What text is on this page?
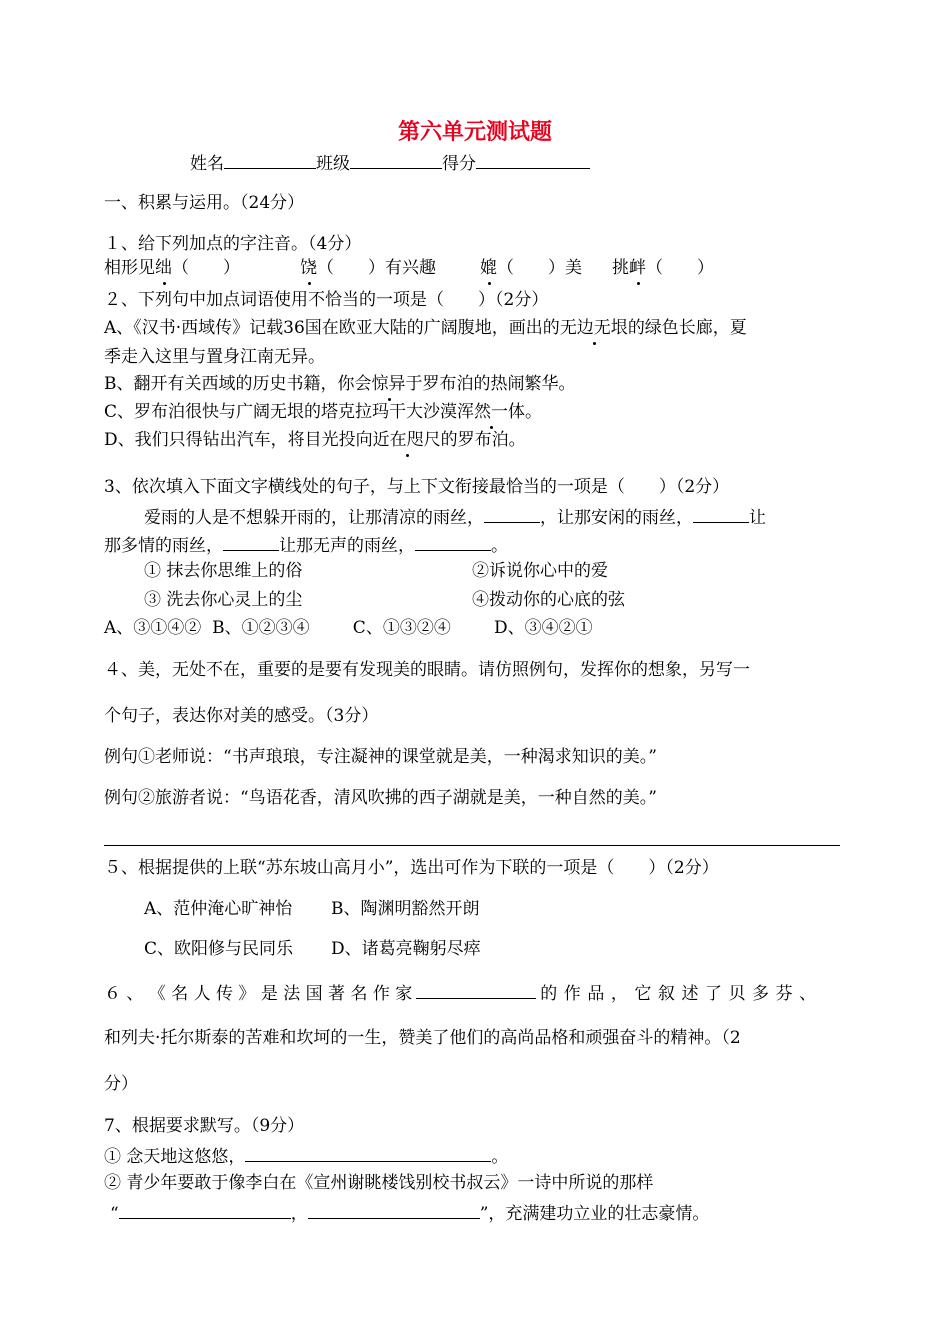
第六单元测试题
姓名	班级	得分
一、积累与运用。（24分）
１、给下列加点的字注音。（4分）
相形见绌（　　）	饶（　　）有兴趣	媲（　　）美 挑衅（　　）
２、下列句中加点词语使用不恰当的一项是（　　）（2分）
A、《汉书·西域传》记载36国在欧亚大陆的广阔腹地，画出的无边无垠的绿色长廊，夏
季走入这里与置身江南无异。
B、翻开有关西域的历史书籍，你会惊异于罗布泊的热闹繁华。
C、罗布泊很快与广阔无垠的塔克拉玛干大沙漠浑然一体。
D、我们只得钻出汽车，将目光投向近在咫尺的罗布泊。
3、依次填入下面文字横线处的句子，与上下文衔接最恰当的一项是（　　）（2分）
爱雨的人是不想躲开雨的，让那清凉的雨丝，	，让那安闲的雨丝，	让
那多情的雨丝，	让那无声的雨丝，	。
① 抹去你思维上的俗	②诉说你心中的爱
③ 洗去你心灵上的尘	④拨动你的心底的弦
A、③①④②  B、①②③④        C、①③②④        D、③④②①
４、美，无处不在，重要的是要有发现美的眼睛。请仿照例句，发挥你的想象，另写一
个句子，表达你对美的感受。（3分）
例句①老师说：“书声琅琅，专注凝神的课堂就是美，一种渴求知识的美。”
例句②旅游者说：“鸟语花香，清风吹拂的西子湖就是美，一种自然的美。”
５、根据提供的上联“苏东坡山高月小”，选出可作为下联的一项是（　　）（2分）
A、范仲淹心旷神怡 B、陶渊明豁然开朗
C、欧阳修与民同乐 D、诸葛亮鞠躬尽瘁
６ 、 《 名 人 传 》 是 法 国 著 名 作 家	的 作 品 ， 它 叙 述 了 贝 多 芬 、
和列夫·托尔斯泰的苦难和坎坷的一生，赞美了他们的高尚品格和顽强奋斗的精神。（2
分）
7、根据要求默写。（9分）
① 念天地这悠悠，	。
② 青少年要敢于像李白在《宣州谢眺楼饯别校书叔云》一诗中所说的那样
“	，	”，充满建功立业的壮志豪情。
